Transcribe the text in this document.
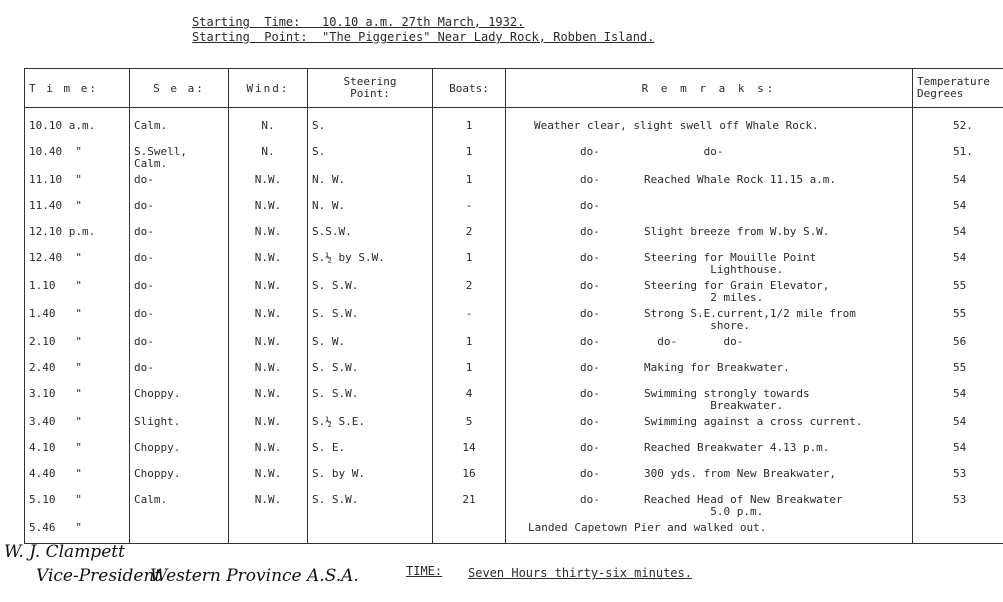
Starting  Time:   10.10 a.m. 27th March, 1932.
Starting  Point:  "The Piggeries" Near Lady Rock, Robben Island.
T i m e:	S e a:	Wind:	Steering
Point:	Boats:	R e m r a k s:	Temperature
Degrees
10.10 a.m.	Calm.	N.	S.	1	Weather clear, slight swell off Whale Rock.	52.
10.40  "	S.Swell,
Calm.	N.	S.	1	do- do-	51.
11.10  "	do-	N.W.	N. W.	1	do- Reached Whale Rock 11.15 a.m.	54
11.40  "	do-	N.W.	N. W.	-	do-	54
12.10 p.m.	do-	N.W.	S.S.W.	2	do- Slight breeze from W.by S.W.	54
12.40  "	do-	N.W.	S.½ by S.W.	1	do- Steering for Mouille Point
Lighthouse.	54
1.10   "	do-	N.W.	S. S.W.	2	do- Steering for Grain Elevator,
2 miles.	55
1.40   "	do-	N.W.	S. S.W.	-	do- Strong S.E.current,1/2 mile from
shore.	55
2.10   "	do-	N.W.	S. W.	1	do- do-       do-	56
2.40   "	do-	N.W.	S. S.W.	1	do- Making for Breakwater.	55
3.10   "	Choppy.	N.W.	S. S.W.	4	do- Swimming strongly towards
Breakwater.	54
3.40   "	Slight.	N.W.	S.½ S.E.	5	do- Swimming against a cross current.	54
4.10   "	Choppy.	N.W.	S. E.	14	do- Reached Breakwater 4.13 p.m.	54
4.40   "	Choppy.	N.W.	S. by W.	16	do- 300 yds. from New Breakwater,	53
5.10   "	Calm.	N.W.	S. S.W.	21	do- Reached Head of New Breakwater
5.0 p.m.	53
5.46   "					Landed Capetown Pier and walked out.	
W. J. Clampett
Vice-President
Western Province A.S.A.	TIME: Seven Hours thirty-six minutes.
